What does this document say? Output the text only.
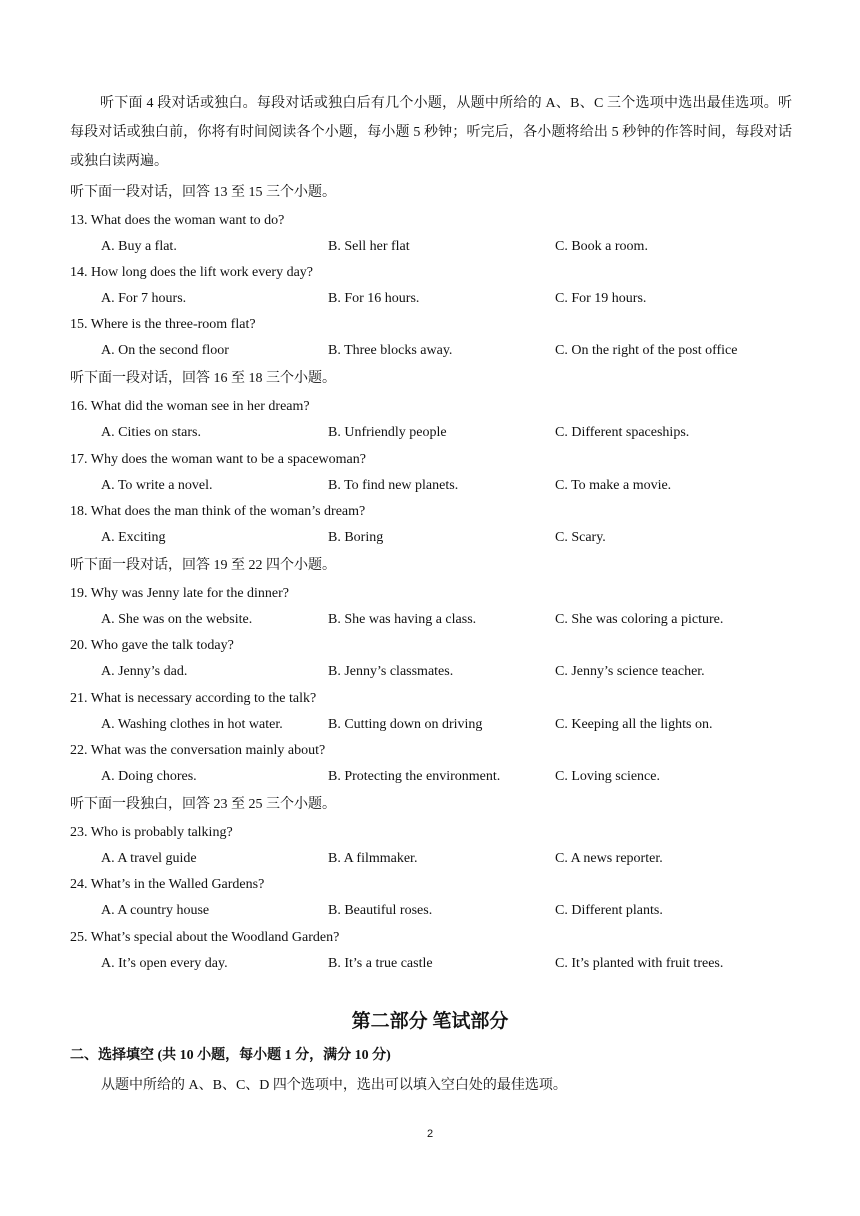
听下面 4 段对话或独白。每段对话或独白后有几个小题，从题中所给的 A、B、C 三个选项中选出最佳选项。听每段对话或独白前，你将有时间阅读各个小题，每小题 5 秒钟；听完后，各小题将给出 5 秒钟的作答时间，每段对话或独白读两遍。

听下面一段对话，回答 13 至 15 三个小题。
13. What does the woman want to do?
A. Buy a flat.	B. Sell her flat	C. Book a room.
14. How long does the lift work every day?
A. For 7 hours.	B. For 16 hours.	C. For 19 hours.
15. Where is the three-room flat?
A. On the second floor	B. Three blocks away.	C. On the right of the post office
听下面一段对话，回答 16 至 18 三个小题。
16. What did the woman see in her dream?
A. Cities on stars.	B. Unfriendly people	C. Different spaceships.
17. Why does the woman want to be a spacewoman?
A. To write a novel.	B. To find new planets.	C. To make a movie.
18. What does the man think of the woman’s dream?
A. Exciting	B. Boring	C. Scary.
听下面一段对话，回答 19 至 22 四个小题。
19. Why was Jenny late for the dinner?
A. She was on the website.	B. She was having a class.	C. She was coloring a picture.
20. Who gave the talk today?
A. Jenny’s dad.	B. Jenny’s classmates.	C. Jenny’s science teacher.
21. What is necessary according to the talk?
A. Washing clothes in hot water.	B. Cutting down on driving	C. Keeping all the lights on.
22. What was the conversation mainly about?
A. Doing chores.	B. Protecting the environment.	C. Loving science.
听下面一段独白，回答 23 至 25 三个小题。
23. Who is probably talking?
A. A travel guide	B. A filmmaker.	C. A news reporter.
24. What’s in the Walled Gardens?
A. A country house	B. Beautiful roses.	C. Different plants.
25. What’s special about the Woodland Garden?
A. It’s open every day.	B. It’s a true castle	C. It’s planted with fruit trees.
第二部分 笔试部分
二、选择填空 (共 10 小题，每小题 1 分，满分 10 分)
从题中所给的 A、B、C、D 四个选项中，选出可以填入空白处的最佳选项。
2
